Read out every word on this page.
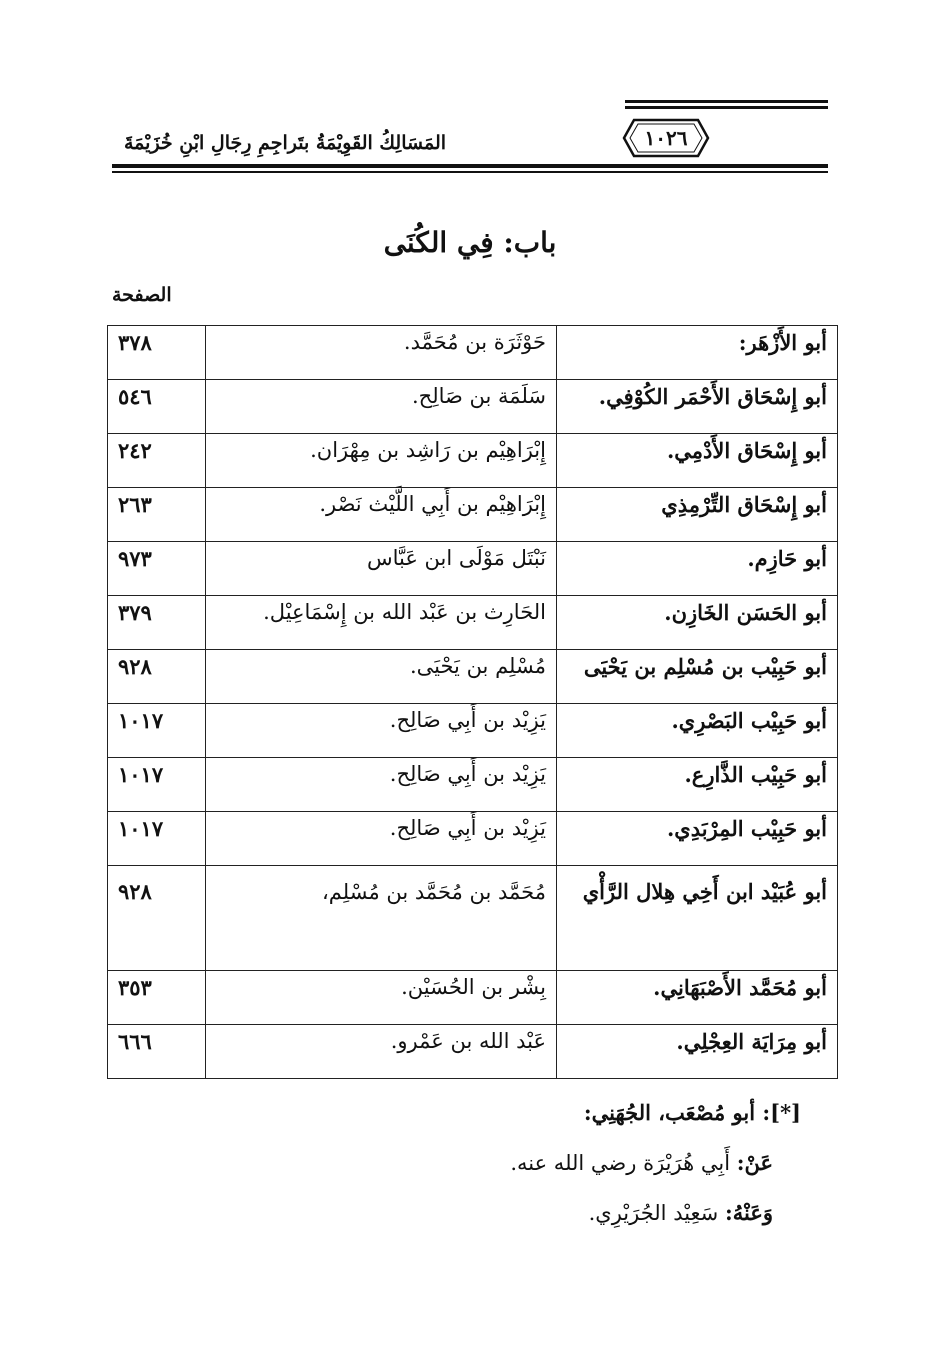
١٠٢٦
المَسَالِكُ القَوِيْمَةُ بتَراجِمِ رِجَالِ ابْنِ خُزَيْمَةَ
باب: فِي الكُنَى
الصفحة
أبو الأَزْهَر:	حَوْثَرَة بن مُحَمَّد.	٣٧٨
أبو إِسْحَاق الأَحْمَر الكُوْفِي.	سَلَمَة بن صَالِح.	٥٤٦
أبو إِسْحَاق الأَدْمِي.	إِبْرَاهِيْم بن رَاشِد بن مِهْرَان.	٢٤٢
أبو إِسْحَاق التِّرْمِذِي	إِبْرَاهِيْم بن أَبِي اللَّيْث نَصْر.	٢٦٣
أبو حَازِم.	نَبْتَل مَوْلَى ابن عَبَّاس	٩٧٣
أبو الحَسَن الخَازِن.	الحَارِث بن عَبْد الله بن إِسْمَاعِيْل.	٣٧٩
أبو حَبِيْب بن مُسْلِم بن يَحْيَى	مُسْلِم بن يَحْيَى.	٩٢٨
أبو حَبِيْب البَصْرِي.	يَزِيْد بن أَبِي صَالِح.	١٠١٧
أبو حَبِيْب الذَّارِع.	يَزِيْد بن أَبِي صَالِح.	١٠١٧
أبو حَبِيْب المِرْبَدِي.	يَزِيْد بن أَبِي صَالِح.	١٠١٧
أبو عُبَيْد ابن أَخِي هِلال الرَّأْي	مُحَمَّد بن مُحَمَّد بن مُسْلِم،	٩٢٨
أبو مُحَمَّد الأَصْبَهَانِي.	بِشْر بن الحُسَيْن.	٣٥٣
أبو مِرَايَة العِجْلِي.	عَبْد الله بن عَمْرو.	٦٦٦
[*]: أبو مُصْعَب، الجُهَنِي:
عَنْ: أَبِي هُرَيْرَة رضي الله عنه.
وَعَنْهُ: سَعِيْد الجُرَيْرِي.
